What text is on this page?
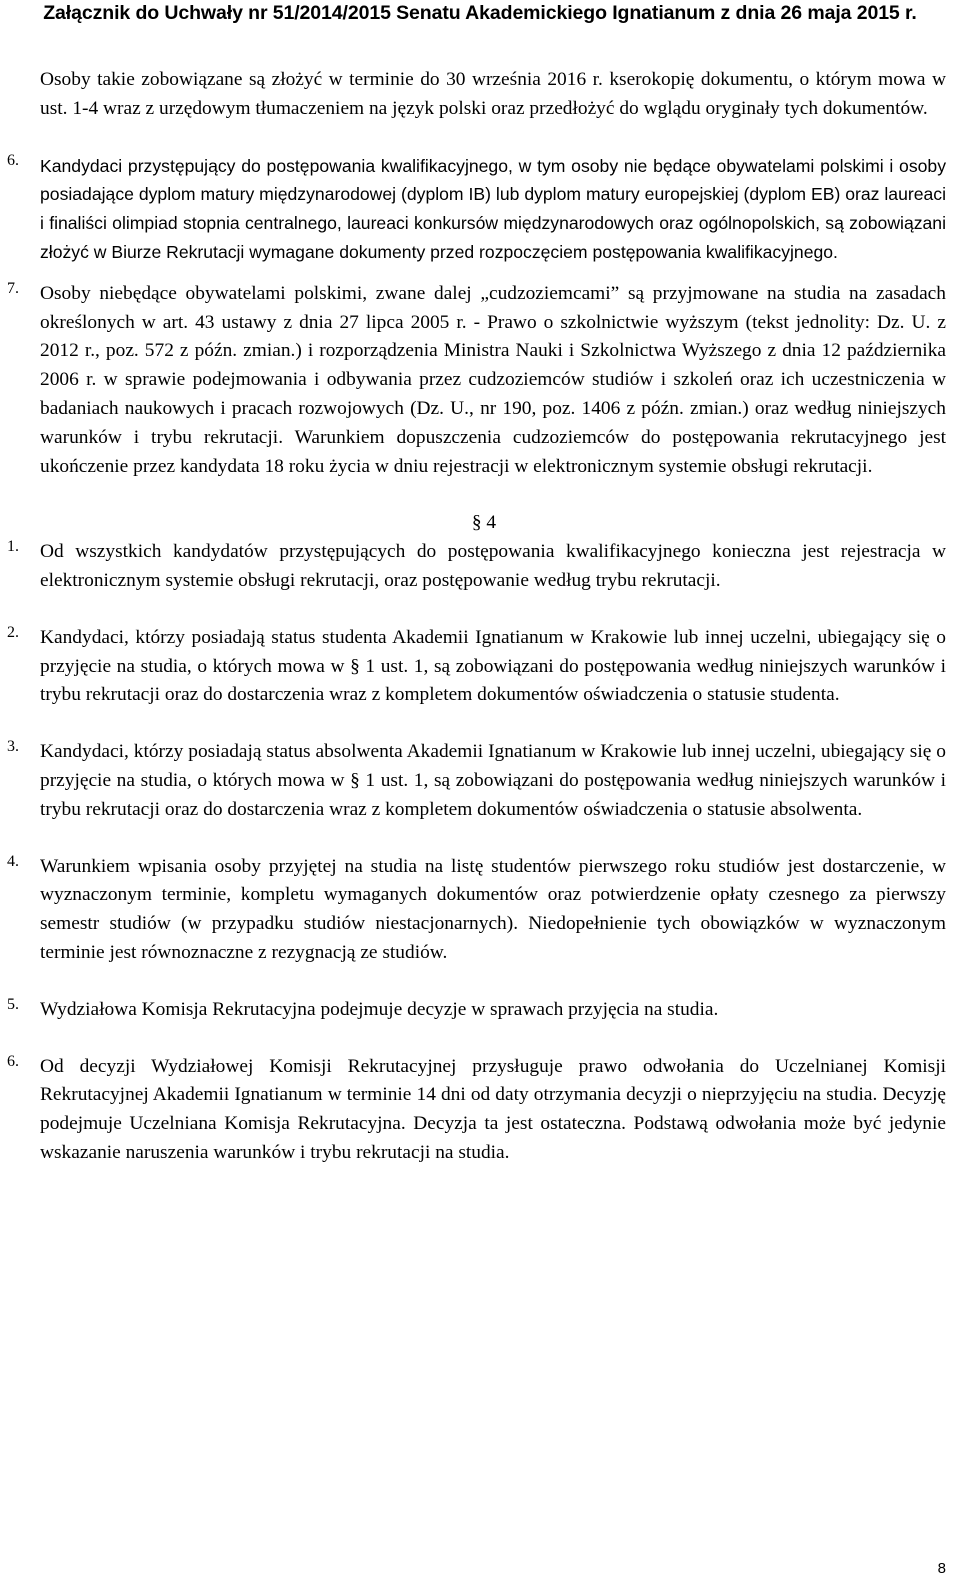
Załącznik do Uchwały nr 51/2014/2015 Senatu Akademickiego Ignatianum z dnia 26 maja 2015 r.

Osoby takie zobowiązane są złożyć w terminie do 30 września 2016 r. kserokopię dokumentu, o którym mowa w ust. 1-4 wraz z urzędowym tłumaczeniem na język polski oraz przedłożyć do wglądu oryginały tych dokumentów.

6. Kandydaci przystępujący do postępowania kwalifikacyjnego, w tym osoby nie będące obywatelami polskimi i osoby posiadające dyplom matury międzynarodowej (dyplom IB) lub dyplom matury europejskiej (dyplom EB) oraz laureaci i finaliści olimpiad stopnia centralnego, laureaci konkursów międzynarodowych oraz ogólnopolskich, są zobowiązani złożyć w Biurze Rekrutacji wymagane dokumenty przed rozpoczęciem postępowania kwalifikacyjnego.

7. Osoby niebędące obywatelami polskimi, zwane dalej „cudzoziemcami” są przyjmowane na studia na zasadach określonych w art. 43 ustawy z dnia 27 lipca 2005 r. - Prawo o szkolnictwie wyższym (tekst jednolity: Dz. U. z 2012 r., poz. 572 z późn. zmian.) i rozporządzenia Ministra Nauki i Szkolnictwa Wyższego z dnia 12 października 2006 r. w sprawie podejmowania i odbywania przez cudzoziemców studiów i szkoleń oraz ich uczestniczenia w badaniach naukowych i pracach rozwojowych (Dz. U., nr 190, poz. 1406 z późn. zmian.) oraz według niniejszych warunków i trybu rekrutacji. Warunkiem dopuszczenia cudzoziemców do postępowania rekrutacyjnego jest ukończenie przez kandydata 18 roku życia w dniu rejestracji w elektronicznym systemie obsługi rekrutacji.

§ 4
1. Od wszystkich kandydatów przystępujących do postępowania kwalifikacyjnego konieczna jest rejestracja w elektronicznym systemie obsługi rekrutacji, oraz postępowanie według trybu rekrutacji.

2. Kandydaci, którzy posiadają status studenta Akademii Ignatianum w Krakowie lub innej uczelni, ubiegający się o przyjęcie na studia, o których mowa w § 1 ust. 1, są zobowiązani do postępowania według niniejszych warunków i trybu rekrutacji oraz do dostarczenia wraz z kompletem dokumentów oświadczenia o statusie studenta.

3. Kandydaci, którzy posiadają status absolwenta Akademii Ignatianum w Krakowie lub innej uczelni, ubiegający się o przyjęcie na studia, o których mowa w § 1 ust. 1, są zobowiązani do postępowania według niniejszych warunków i trybu rekrutacji oraz do dostarczenia wraz z kompletem dokumentów oświadczenia o statusie absolwenta.

4. Warunkiem wpisania osoby przyjętej na studia na listę studentów pierwszego roku studiów jest dostarczenie, w wyznaczonym terminie, kompletu wymaganych dokumentów oraz potwierdzenie opłaty czesnego za pierwszy semestr studiów (w przypadku studiów niestacjonarnych). Niedopełnienie tych obowiązków w wyznaczonym terminie jest równoznaczne z rezygnacją ze studiów.

5. Wydziałowa Komisja Rekrutacyjna podejmuje decyzje w sprawach przyjęcia na studia.

6. Od decyzji Wydziałowej Komisji Rekrutacyjnej przysługuje prawo odwołania do Uczelnianej Komisji Rekrutacyjnej Akademii Ignatianum w terminie 14 dni od daty otrzymania decyzji o nieprzyjęciu na studia. Decyzję podejmuje Uczelniana Komisja Rekrutacyjna. Decyzja ta jest ostateczna. Podstawą odwołania może być jedynie wskazanie naruszenia warunków i trybu rekrutacji na studia.

8
